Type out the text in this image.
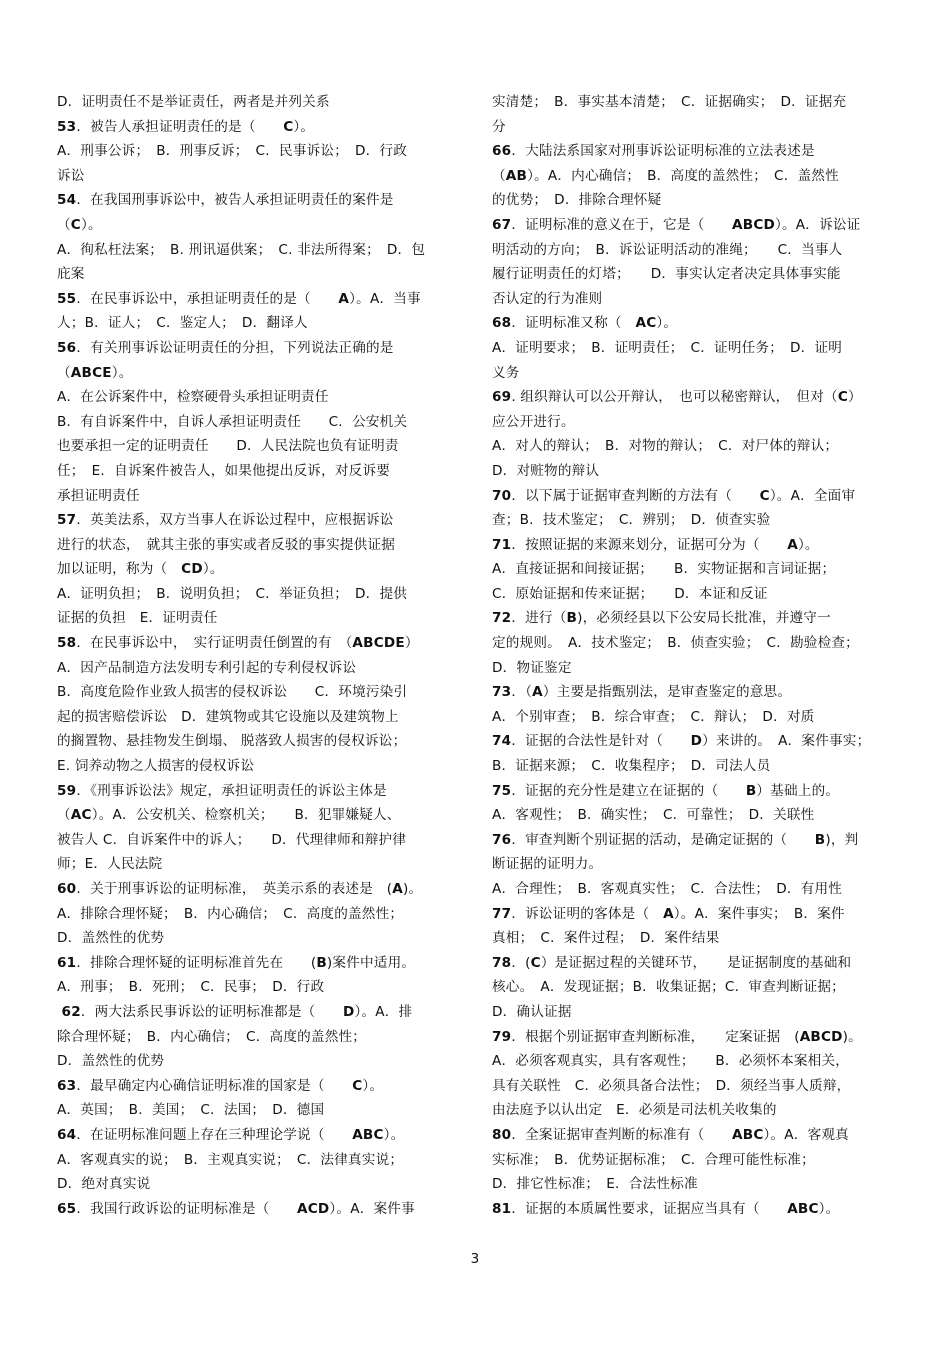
D．证明责任不是举证责任，两者是并列关系

53．被告人承担证明责任的是（　　C）。

A．刑事公诉；　B．刑事反诉；　C．民事诉讼；　D．行政

诉讼

54．在我国刑事诉讼中，被告人承担证明责任的案件是

（C）。

A．徇私枉法案；　B. 刑讯逼供案；　C. 非法所得案；　D．包

庇案

55．在民事诉讼中，承担证明责任的是（　　A）。A．当事

人；B．证人；　C．鉴定人；　D．翻译人

56．有关刑事诉讼证明责任的分担，下列说法正确的是

（ABCE）。

A．在公诉案件中，检察硬骨头承担证明责任

B．有自诉案件中，自诉人承担证明责任　　C．公安机关

也要承担一定的证明责任　　D．人民法院也负有证明责

任；　E．自诉案件被告人，如果他提出反诉，对反诉要

承担证明责任

57．英美法系，双方当事人在诉讼过程中，应根据诉讼

进行的状态，　就其主张的事实或者反驳的事实提供证据

加以证明，称为（　CD）。

A．证明负担；　B．说明负担；　C．举证负担；　D．提供

证据的负担　E．证明责任

58．在民事诉讼中，　实行证明责任倒置的有　（ABCDE）

A．因产品制造方法发明专利引起的专利侵权诉讼

B．高度危险作业致人损害的侵权诉讼　　C．环境污染引

起的损害赔偿诉讼　D．建筑物或其它设施以及建筑物上

的搁置物、悬挂物发生倒塌、 脱落致人损害的侵权诉讼；

E. 饲养动物之人损害的侵权诉讼

59．《刑事诉讼法》规定，承担证明责任的诉讼主体是

（AC）。A．公安机关、检察机关；　　B．犯罪嫌疑人、

被告人 C．自诉案件中的诉人；　　D．代理律师和辩护律

师；E．人民法院

60．关于刑事诉讼的证明标准，　英美示系的表述是　(A)。

A．排除合理怀疑；　B．内心确信；　C．高度的盖然性；

D．盖然性的优势

61．排除合理怀疑的证明标准首先在　　(B)案件中适用。

A．刑事；　B．死刑；　C．民事；　D．行政

62．两大法系民事诉讼的证明标准都是（　　D）。A．排

除合理怀疑；　B．内心确信；　C．高度的盖然性；

D．盖然性的优势

63．最早确定内心确信证明标准的国家是（　　C）。

A．英国；　B．美国；　C．法国；　D．德国

64．在证明标准问题上存在三种理论学说（　　ABC）。

A．客观真实的说；　B．主观真实说；　C．法律真实说；

D．绝对真实说

65．我国行政诉讼的证明标准是（　　ACD）。A．案件事

实清楚；　B．事实基本清楚；　C．证据确实；　D．证据充

分

66．大陆法系国家对刑事诉讼证明标准的立法表述是

（AB）。A．内心确信；　B．高度的盖然性；　C．盖然性

的优势；　D．排除合理怀疑

67．证明标准的意义在于，它是（　　ABCD）。A．诉讼证

明活动的方向；　B．诉讼证明活动的准绳；　　C．当事人

履行证明责任的灯塔；　　D．事实认定者决定具体事实能

否认定的行为准则

68．证明标准又称（　AC）。

A．证明要求；　B．证明责任；　C．证明任务；　D．证明

义务

69. 组织辩认可以公开辩认，　也可以秘密辩认，　但对（C）

应公开进行。

A．对人的辩认；　B．对物的辩认；　C．对尸体的辩认；

D．对赃物的辩认

70．以下属于证据审查判断的方法有（　　C）。A．全面审

查；B．技术鉴定；　C．辨别；　D．侦查实验

71．按照证据的来源来划分，证据可分为（　　A）。

A．直接证据和间接证据；　　B．实物证据和言词证据；

C．原始证据和传来证据；　　D．本证和反证

72．进行（B)，必须经县以下公安局长批准，并遵守一

定的规则。　A．技术鉴定；　B．侦查实验；　C．勘验检查；

D．物证鉴定

73．（A）主要是指甄别法，是审查鉴定的意思。

A．个别审查；　B．综合审查；　C．辩认；　D．对质

74．证据的合法性是针对（　　D）来讲的。　A．案件事实；

B．证据来源；　C．收集程序；　D．司法人员

75．证据的充分性是建立在证据的（　　B）基础上的。

A．客观性；　B．确实性；　C．可靠性；　D．关联性

76．审查判断个别证据的活动，是确定证据的（　　B)，判

断证据的证明力。

A．合理性；　B．客观真实性；　C．合法性；　D．有用性

77．诉讼证明的客体是（　A）。A．案件事实；　B．案件

真相；　C．案件过程；　D．案件结果

78．(C）是证据过程的关键环节，　　是证据制度的基础和

核心。　A．发现证据；B．收集证据；C．审查判断证据；

D．确认证据

79．根据个别证据审查判断标准，　　定案证据　(ABCD)。

A．必须客观真实，具有客观性；　　B．必须怀本案相关，

具有关联性　C．必须具备合法性；　D．须经当事人质辩，

由法庭予以认出定　E．必须是司法机关收集的

80．全案证据审查判断的标准有（　　ABC）。A．客观真

实标准；　B．优势证据标准；　C．合理可能性标准；

D．排它性标准；　E．合法性标准

81．证据的本质属性要求，证据应当具有（　　ABC）。

3
